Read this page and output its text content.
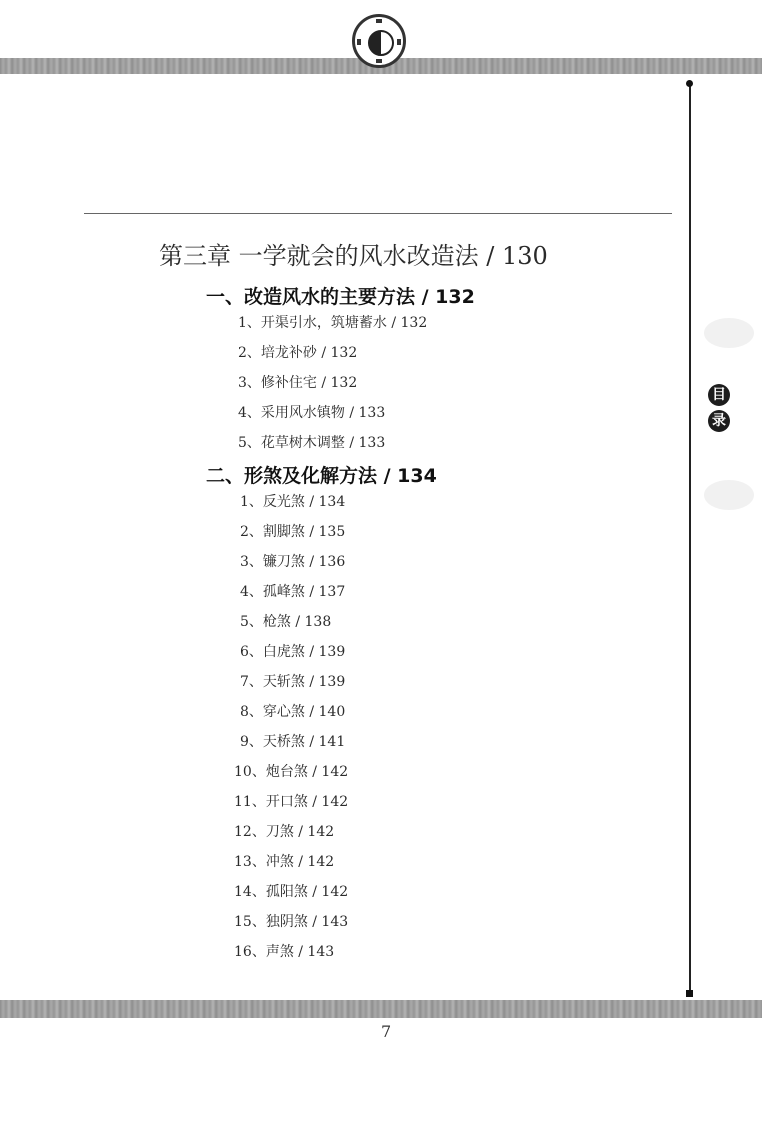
目
录
第三章 一学就会的风水改造法 / 130
一、改造风水的主要方法 / 132
1、开渠引水，筑塘蓄水 / 132
2、培龙补砂 / 132
3、修补住宅 / 132
4、采用风水镇物 / 133
5、花草树木调整 / 133
二、形煞及化解方法 / 134
1、反光煞 / 134
2、割脚煞 / 135
3、镰刀煞 / 136
4、孤峰煞 / 137
5、枪煞 / 138
6、白虎煞 / 139
7、天斩煞 / 139
8、穿心煞 / 140
9、天桥煞 / 141
10、炮台煞 / 142
11、开口煞 / 142
12、刀煞 / 142
13、冲煞 / 142
14、孤阳煞 / 142
15、独阴煞 / 143
16、声煞 / 143
7
